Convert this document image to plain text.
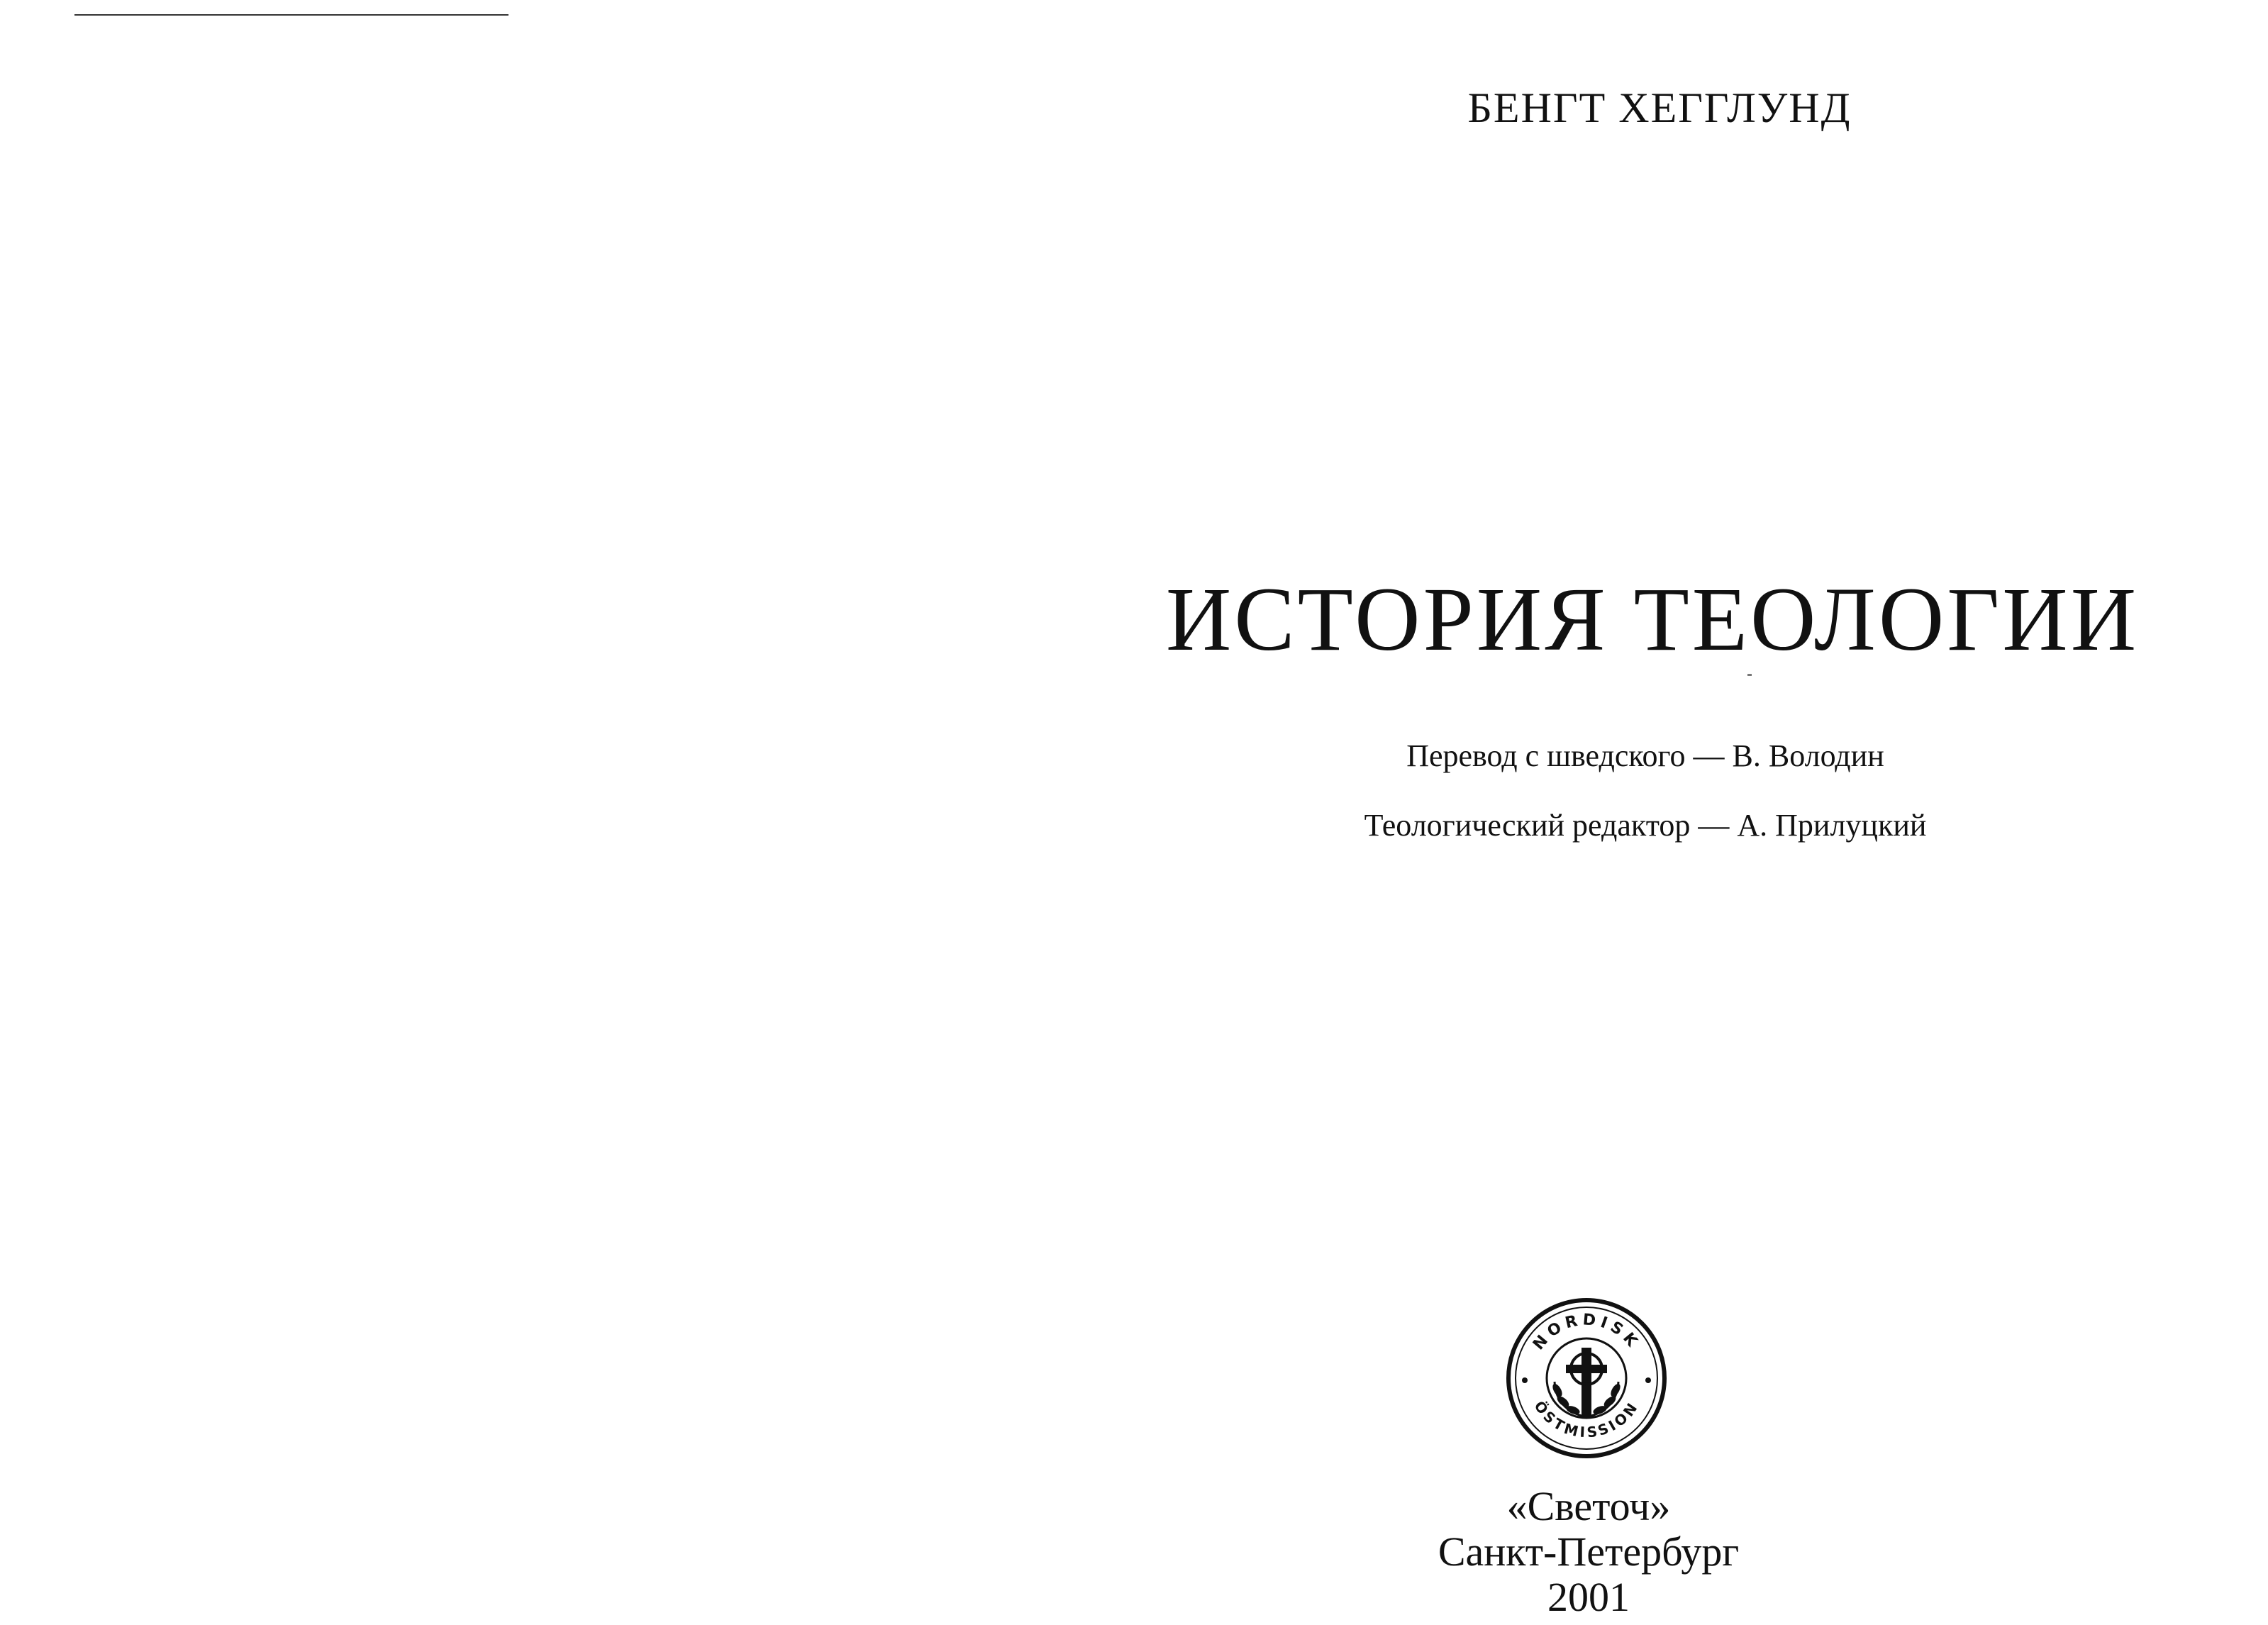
БЕНГТ ХЕГГЛУНД
ИСТОРИЯ ТЕОЛОГИИ
Перевод с шведского — В. Володин
Теологический редактор — А. Прилуцкий
NORDISK
ÖSTMISSION
«Светоч»
Санкт-Петербург
2001
